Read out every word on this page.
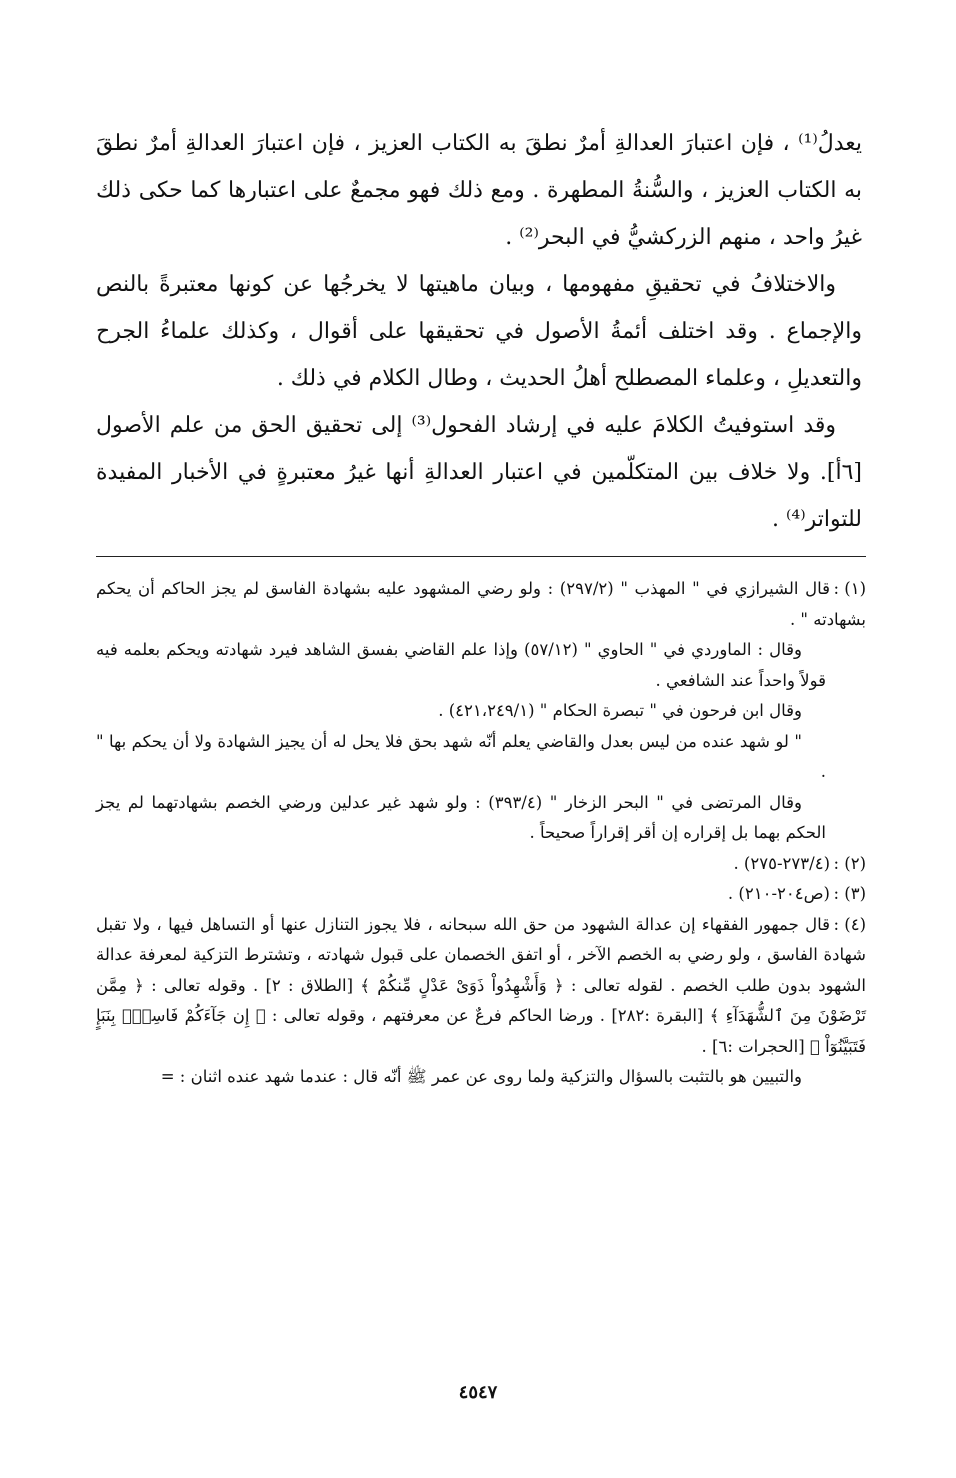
يعدلُ⁽¹⁾ ، فإن اعتبارَ العدالةِ أمرٌ نطقَ به الكتاب العزيز ، فإن اعتبارَ العدالةِ أمرٌ نطقَ به الكتاب العزيز ، والسُّنةُ المطهرة . ومع ذلك فهو مجمعٌ على اعتبارها كما حكى ذلك غيرُ واحد ، منهم الزركشيُّ في البحر⁽²⁾ .

والاختلافُ في تحقيقِ مفهومها ، وبيان ماهيتها لا يخرجُها عن كونها معتبرةً بالنص والإجماع . وقد اختلف أئمةُ الأصول في تحقيقها على أقوال ، وكذلك علماءُ الجرح والتعديلِ ، وعلماء المصطلح أهلُ الحديث ، وطال الكلام في ذلك .

وقد استوفيتُ الكلامَ عليه في إرشاد الفحول⁽³⁾ إلى تحقيق الحق من علم الأصول [٦أ]. ولا خلاف بين المتكلّمين في اعتبار العدالةِ أنها غيرُ معتبرةٍ في الأخبار المفيدة للتواتر⁽⁴⁾ .

(١) :قال الشيرازي في " المهذب " (٢٩٧/٢) : ولو رضي المشهود عليه بشهادة الفاسق لم يجز الحاكم أن يحكم بشهادته " .

وقال : الماوردي في " الحاوي " (٥٧/١٢) وإذا علم القاضي بفسق الشاهد فيرد شهادته ويحكم بعلمه فيه قولاً واحداً عند الشافعي .

وقال ابن فرحون في " تبصرة الحكام " (٤٢١،٢٤٩/١) .

" لو شهد عنده من ليس بعدل والقاضي يعلم أنّه شهد بحق فلا يحل له أن يجيز الشهادة ولا أن يحكم بها " .

وقال المرتضى في " البحر الزخار " (٣٩٣/٤) : ولو شهد غير عدلين ورضي الخصم بشهادتهما لم يجز الحكم بهما بل إقراره إن أقر إقراراً صحيحاً .

(٢) :(٢٧٣/٤-٢٧٥) .

(٣) :(ص٢٠٤-٢١٠) .

(٤) :قال جمهور الفقهاء إن عدالة الشهود من حق الله سبحانه ، فلا يجوز التنازل عنها أو التساهل فيها ، ولا تقبل شهادة الفاسق ، ولو رضي به الخصم الآخر ، أو اتفق الخصمان على قبول شهادته ، وتشترط التزكية لمعرفة عدالة الشهود بدون طلب الخصم . لقوله تعالى : ﴿ وَأَشْهِدُواْ ذَوَىْ عَدْلٍ مِّنكُمْ ﴾ [الطلاق : ٢] . وقوله تعالى : ﴿ مِمَّن تَرْضَوْنَ مِنَ ٱلشُّهَدَآءِ ﴾ [البقرة :٢٨٢] . ورضا الحاكم فرعٌ عن معرفتهم ، وقوله تعالى : ﴿ إِن جَآءَكُمْ فَاسِقٌۢ بِنَبَإٍ فَتَبَيَّنُوٓاْ ﴾ [الحجرات :٦] .

والتبيين هو بالتثبت بالسؤال والتزكية ولما روى عن عمر ﷺ أنّه قال : عندما شهد عنده اثنان : =

٤٥٤٧
